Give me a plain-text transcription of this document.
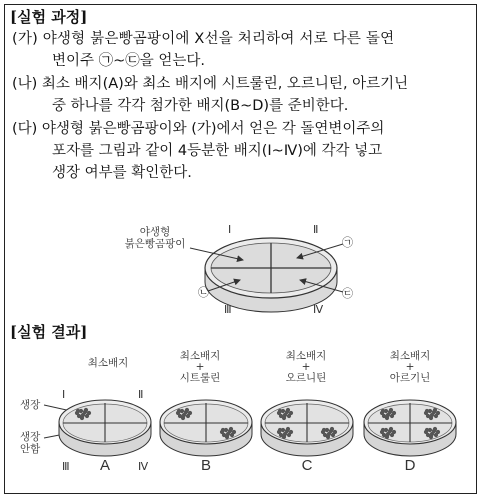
[실험 과정]
(가) 야생형 붉은빵곰팡이에 X선을 처리하여 서로 다른 돌연
변이주 ㉠~㉢을 얻는다.
(나) 최소 배지(A)와 최소 배지에 시트룰린, 오르니틴, 아르기닌
중 하나를 각각 첨가한 배지(B~D)를 준비한다.
(다) 야생형 붉은빵곰팡이와 (가)에서 얻은 각 돌연변이주의
포자를 그림과 같이 4등분한 배지(Ⅰ~Ⅳ)에 각각 넣고
생장 여부를 확인한다.
야생형
붉은빵곰팡이
Ⅰ	Ⅱ
Ⅲ	Ⅳ
㉠
㉡	㉢
[실험 결과]
최소배지
최소배지
+
시트룰린
최소배지
+
오르니틴
최소배지
+
아르기닌
생장
생장
안함
Ⅰ	Ⅱ
Ⅲ	Ⅳ
A	B	C	D
